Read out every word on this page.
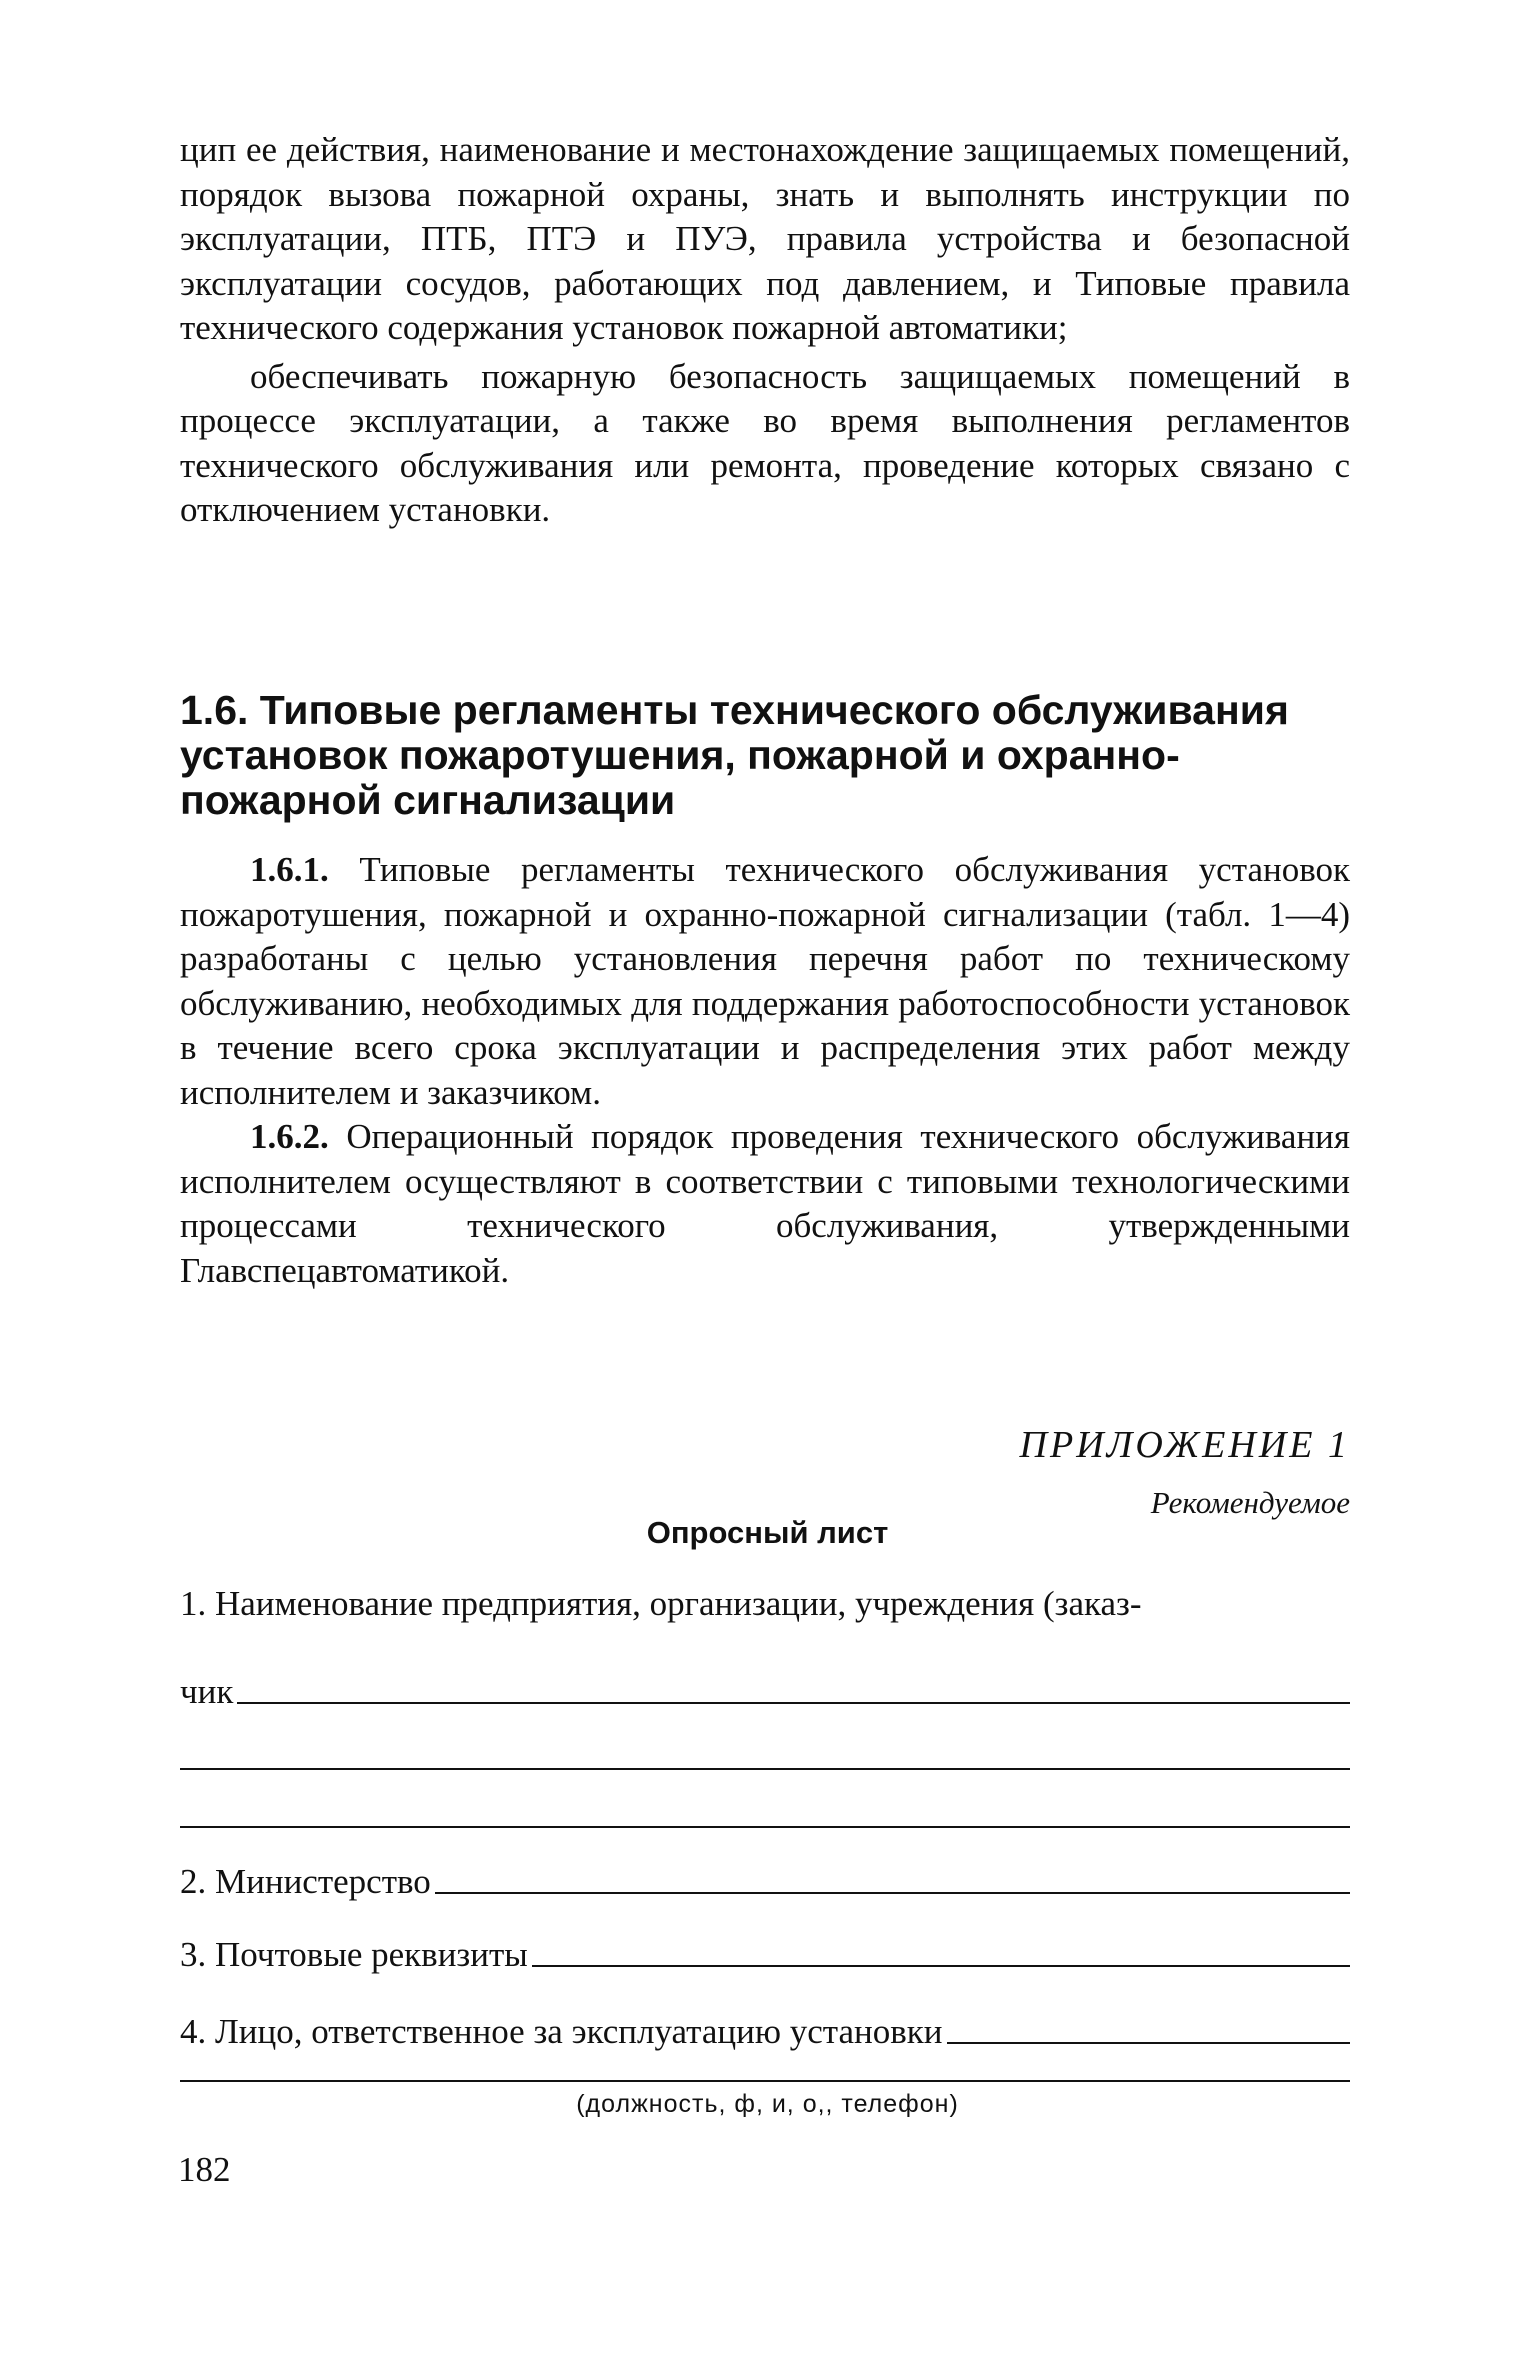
цип ее действия, наименование и местонахождение защищаемых помещений, порядок вызова пожарной охраны, знать и выполнять инструкции по эксплуатации, ПТБ, ПТЭ и ПУЭ, правила устройства и безопасной эксплуатации сосудов, работающих под давлением, и Типовые правила технического содержания установок пожарной автоматики;

обеспечивать пожарную безопасность защищаемых помещений в процессе эксплуатации, а также во время выполнения регламентов технического обслуживания или ремонта, проведение которых связано с отключением установки.

1.6. Типовые регламенты технического обслуживания установок пожаротушения, пожарной и охранно-пожарной сигнализации

1.6.1. Типовые регламенты технического обслуживания установок пожаротушения, пожарной и охранно-пожарной сигнализации (табл. 1—4) разработаны с целью установления перечня работ по техническому обслуживанию, необходимых для поддержания работоспособности установок в течение всего срока эксплуатации и распределения этих работ между исполнителем и заказчиком.

1.6.2. Операционный порядок проведения технического обслуживания исполнителем осуществляют в соответствии с типовыми технологическими процессами технического обслуживания, утвержденными Главспецавтоматикой.

ПРИЛОЖЕНИЕ 1
Рекомендуемое
Опросный лист
1. Наименование предприятия, организации, учреждения (заказ-
чик
2. Министерство
3. Почтовые реквизиты
4. Лицо, ответственное за эксплуатацию установки
(должность, ф, и, о,, телефон)
182
